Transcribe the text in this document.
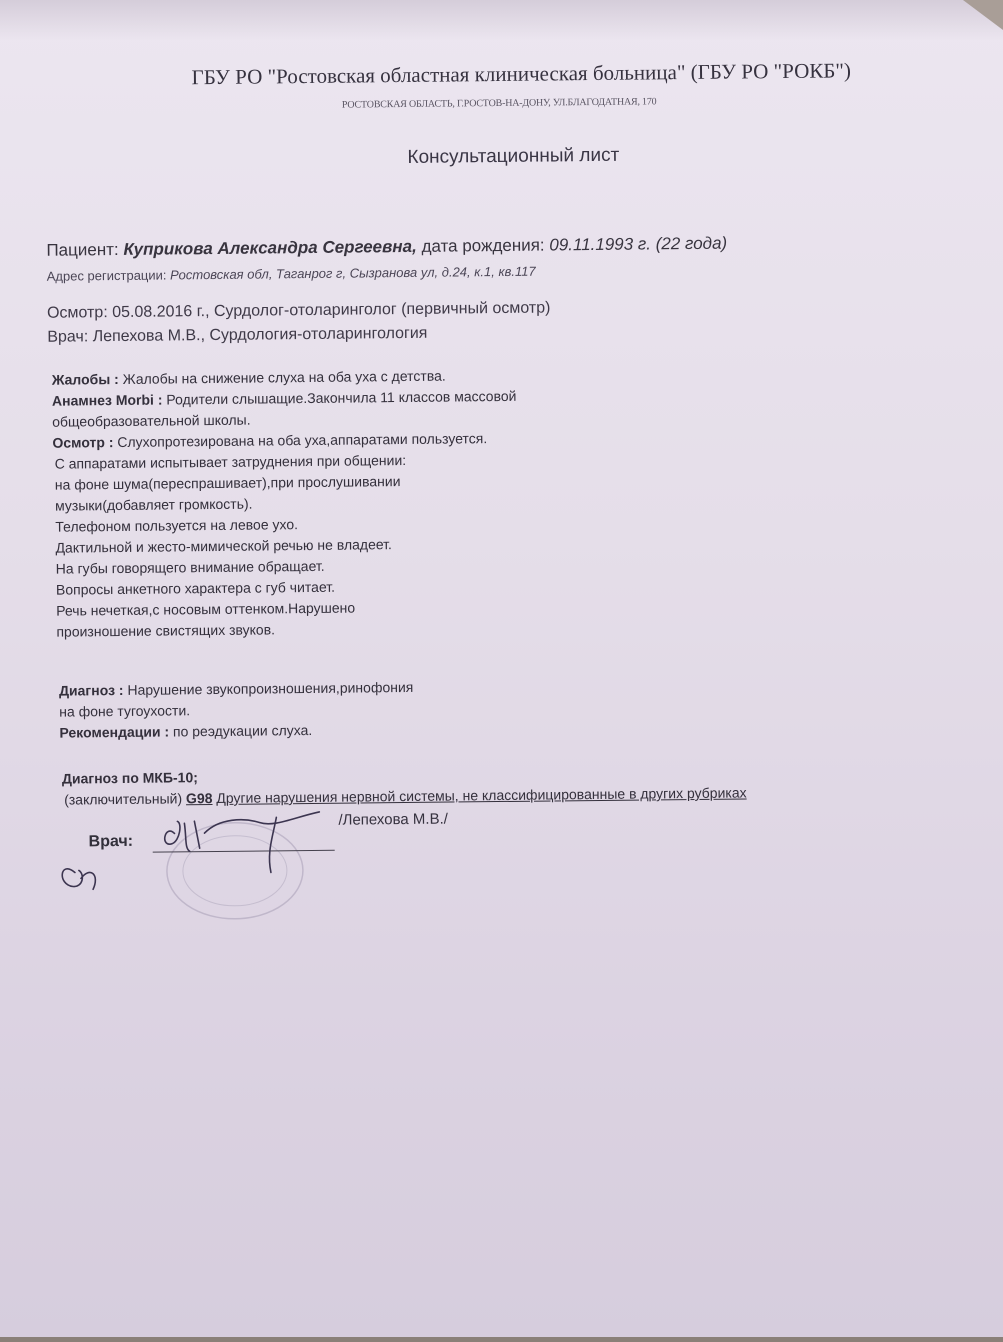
ГБУ РО "Ростовская областная клиническая больница" (ГБУ РО "РОКБ")
РОСТОВСКАЯ ОБЛАСТЬ, Г.РОСТОВ-НА-ДОНУ, УЛ.БЛАГОДАТНАЯ, 170
Консультационный лист
Пациент: Куприкова Александра Сергеевна, дата рождения: 09.11.1993 г. (22 года)
Адрес регистрации: Ростовская обл, Таганрог г, Сызранова ул, д.24, к.1, кв.117
Осмотр: 05.08.2016 г., Сурдолог-отоларинголог (первичный осмотр)
Врач: Лепехова М.В., Сурдология-отоларингология
Жалобы : Жалобы на снижение слуха на оба уха с детства.
Анамнез Morbi : Родители слышащие.Закончила 11 классов массовой
общеобразовательной школы.
Осмотр : Слухопротезирована на оба уха,аппаратами пользуется.
С аппаратами испытывает затруднения при общении:
на фоне шума(переспрашивает),при прослушивании
музыки(добавляет громкость).
Телефоном пользуется на левое ухо.
Дактильной и жесто-мимической речью не владеет.
На губы говорящего внимание обращает.
Вопросы анкетного характера с губ читает.
Речь нечеткая,с носовым оттенком.Нарушено
произношение свистящих звуков.
Диагноз : Нарушение звукопроизношения,ринофония
на фоне тугоухости.
Рекомендации : по реэдукации слуха.
Диагноз по МКБ-10;
(заключительный) G98 Другие нарушения нервной системы, не классифицированные в других рубриках
Врач:
/Лепехова М.В./
